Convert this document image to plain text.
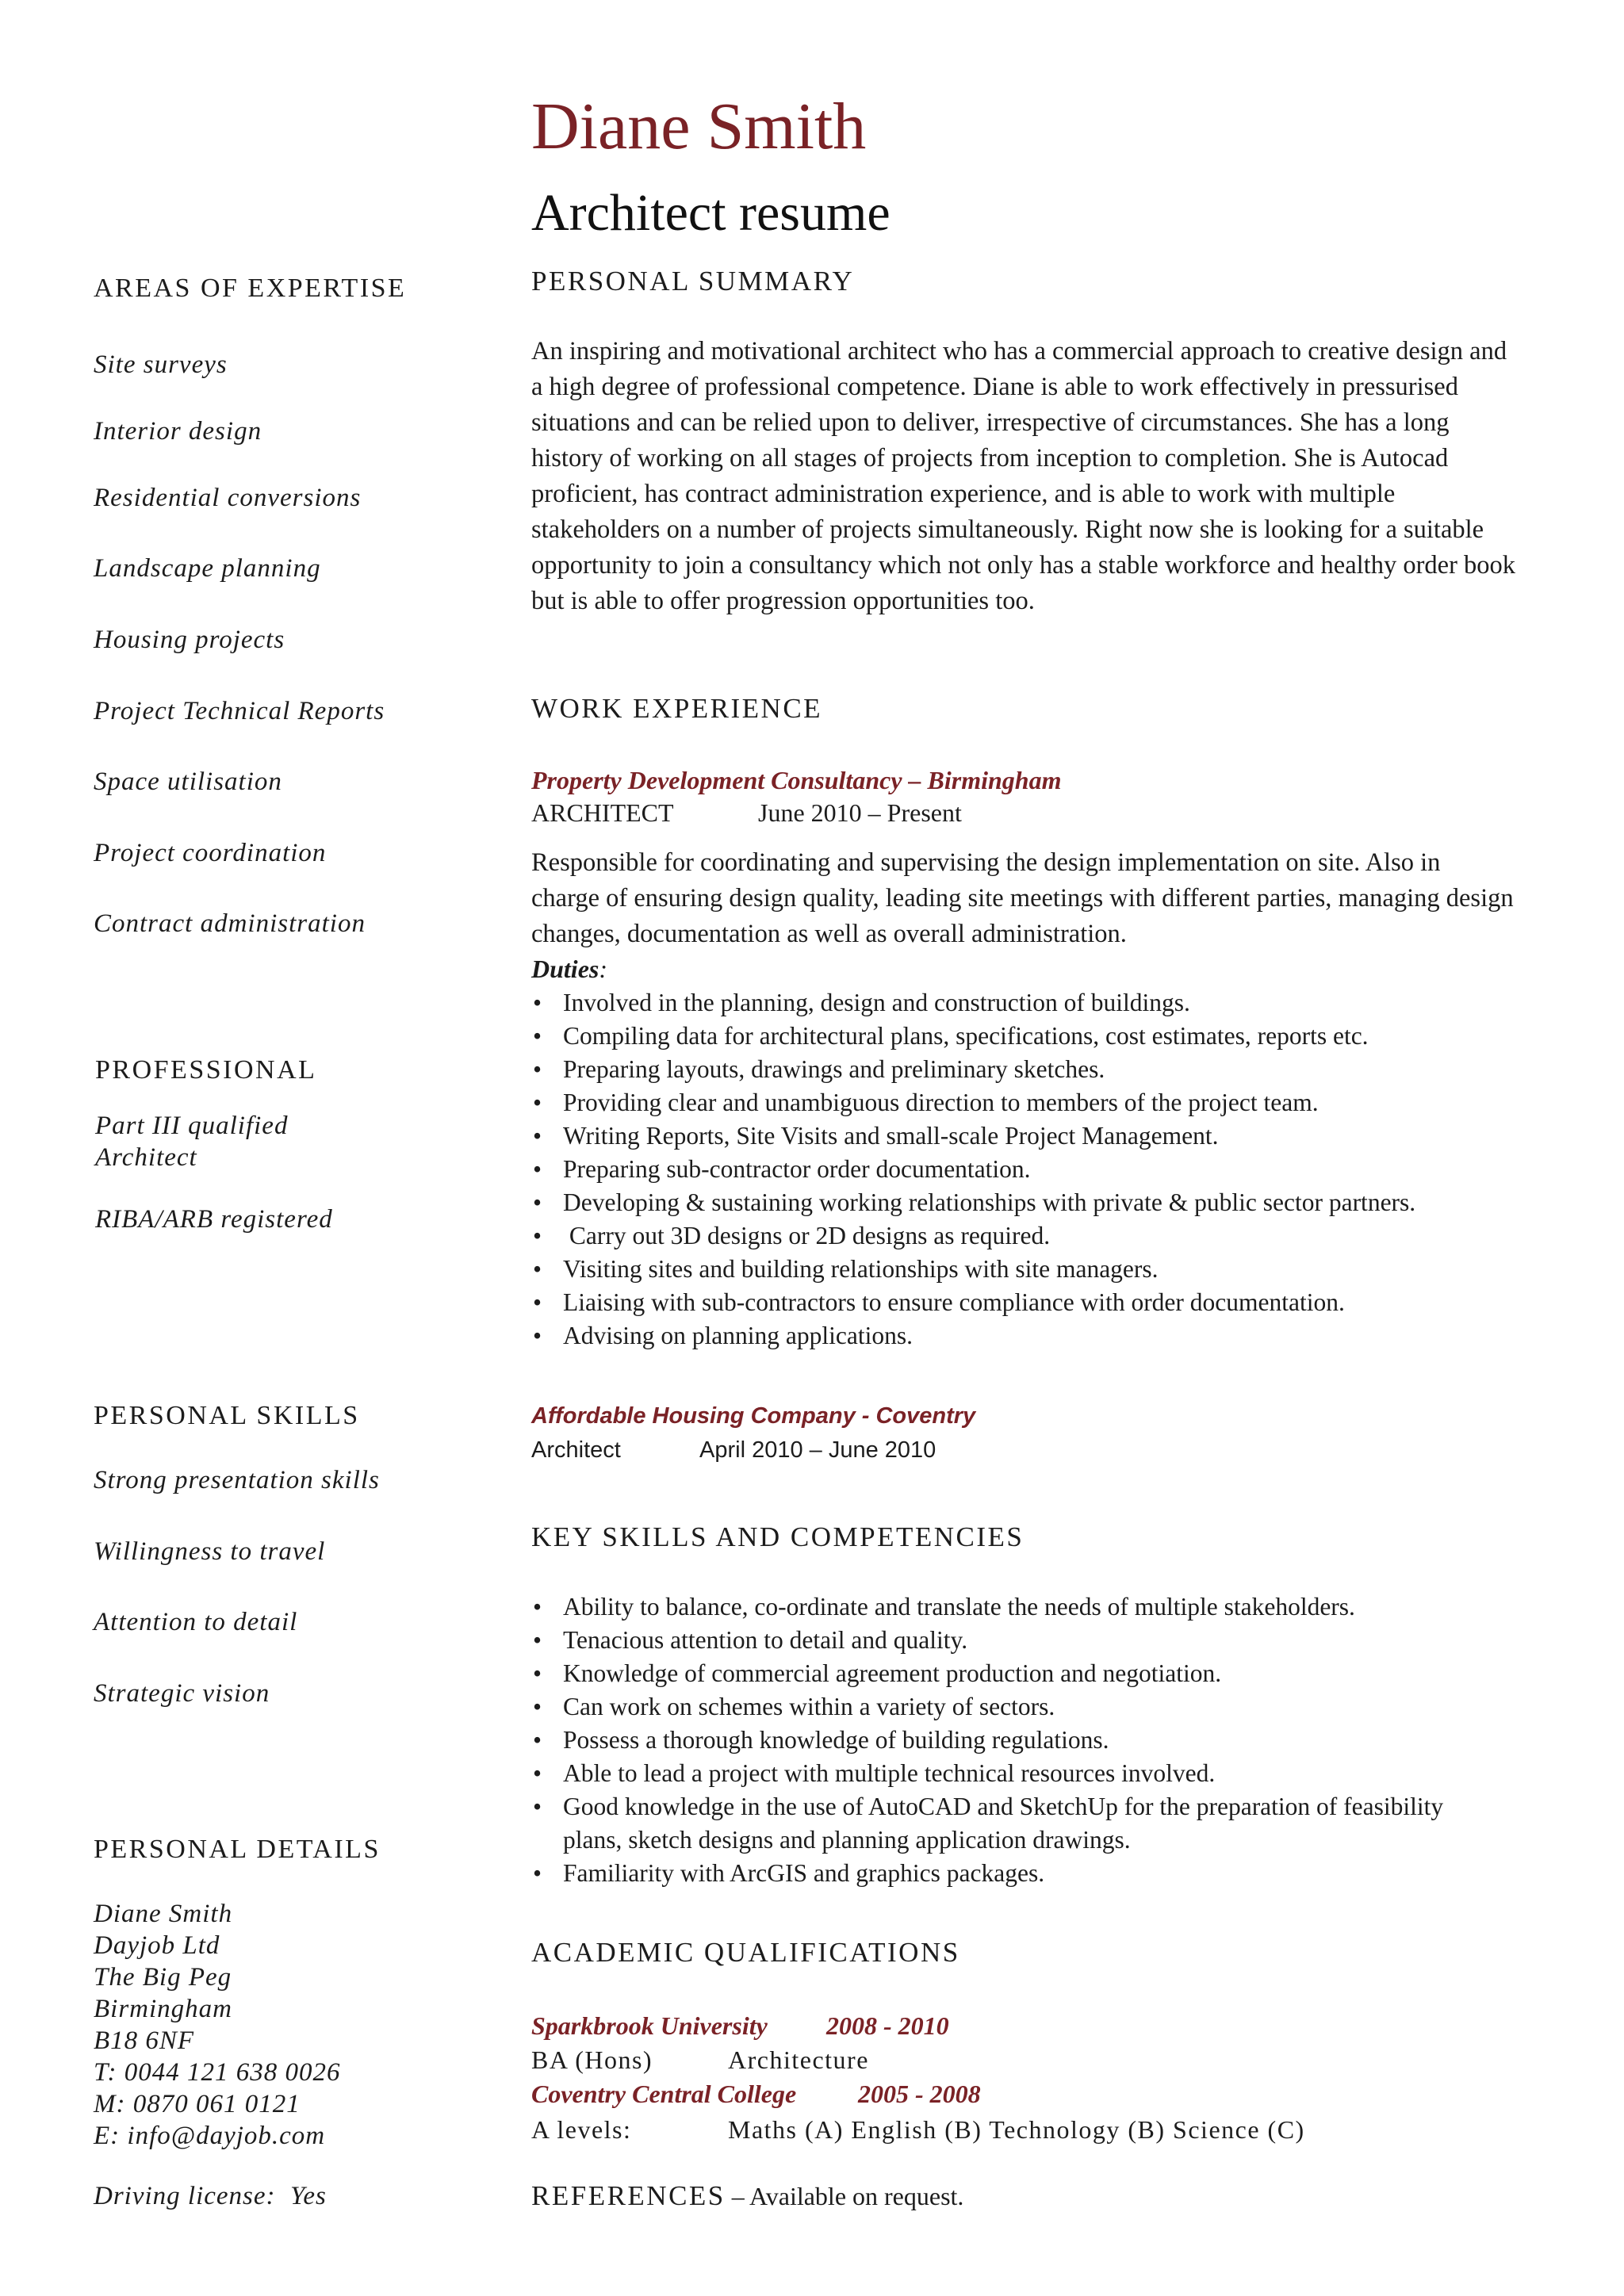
Diane Smith
Architect resume
AREAS OF EXPERTISE
Site surveys
Interior design
Residential conversions
Landscape planning
Housing projects
Project Technical Reports
Space utilisation
Project coordination
Contract administration
PROFESSIONAL
Part III qualified
Architect
RIBA/ARB registered
PERSONAL SKILLS
Strong presentation skills
Willingness to travel
Attention to detail
Strategic vision
PERSONAL DETAILS
Diane Smith
Dayjob Ltd
The Big Peg
Birmingham
B18 6NF
T: 0044 121 638 0026
M: 0870 061 0121
E: info@dayjob.com
Driving license:  Yes
PERSONAL SUMMARY
An inspiring and motivational architect who has a commercial approach to creative design and a high degree of professional competence. Diane is able to work effectively in pressurised situations and can be relied upon to deliver, irrespective of circumstances. She has a long history of working on all stages of projects from inception to completion. She is Autocad proficient, has contract administration experience, and is able to work with multiple stakeholders on a number of projects simultaneously. Right now she is looking for a suitable opportunity to join a consultancy which not only has a stable workforce and healthy order book but is able to offer progression opportunities too.
WORK EXPERIENCE
Property Development Consultancy – Birmingham
ARCHITECT	June 2010 – Present
Responsible for coordinating and supervising the design implementation on site. Also in charge of ensuring design quality, leading site meetings with different parties, managing design changes, documentation as well as overall administration.
Duties:
• Involved in the planning, design and construction of buildings.
• Compiling data for architectural plans, specifications, cost estimates, reports etc.
• Preparing layouts, drawings and preliminary sketches.
• Providing clear and unambiguous direction to members of the project team.
• Writing Reports, Site Visits and small-scale Project Management.
• Preparing sub-contractor order documentation.
• Developing & sustaining working relationships with private & public sector partners.
•  Carry out 3D designs or 2D designs as required.
• Visiting sites and building relationships with site managers.
• Liaising with sub-contractors to ensure compliance with order documentation.
• Advising on planning applications.
Affordable Housing Company - Coventry
Architect	April 2010 – June 2010
KEY SKILLS AND COMPETENCIES
• Ability to balance, co-ordinate and translate the needs of multiple stakeholders.
• Tenacious attention to detail and quality.
• Knowledge of commercial agreement production and negotiation.
• Can work on schemes within a variety of sectors.
• Possess a thorough knowledge of building regulations.
• Able to lead a project with multiple technical resources involved.
• Good knowledge in the use of AutoCAD and SketchUp for the preparation of feasibility plans, sketch designs and planning application drawings.
• Familiarity with ArcGIS and graphics packages.
ACADEMIC QUALIFICATIONS
Sparkbrook University 2008 - 2010
BA (Hons)	Architecture
Coventry Central College 2005 - 2008
A levels:	Maths (A) English (B) Technology (B) Science (C)
REFERENCES – Available on request.
